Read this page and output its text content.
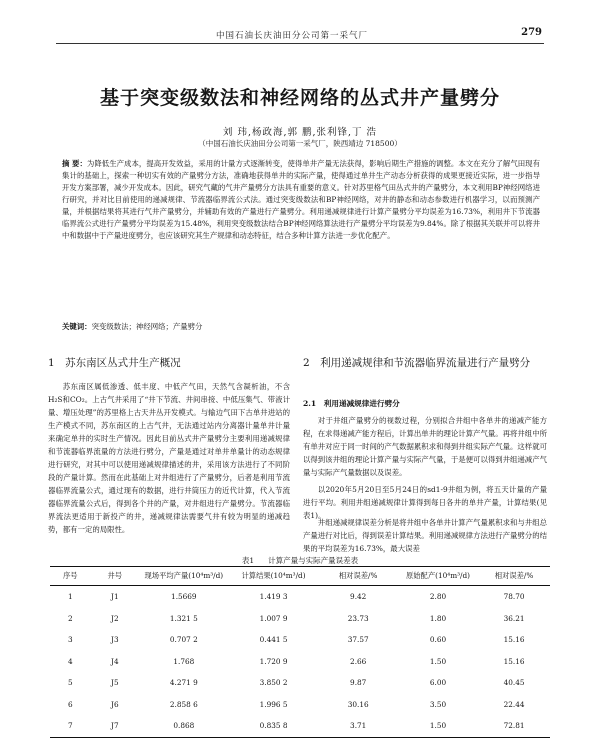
中国石油长庆油田分公司第一采气厂	279
基于突变级数法和神经网络的丛式井产量劈分
刘 玮,杨政海,郭 鹏,张利锋,丁 浩
（中国石油长庆油田分公司第一采气厂，陕西靖边 718500）
摘 要：为降低生产成本，提高开发效益，采用的计量方式逐渐转变，使得单井产量无法获得，影响后期生产措施的调整。本文在充分了解气田现有集计的基础上，探索一种切实有效的产量劈分方法，准确地获得单井的实际产量，使得通过单井生产动态分析获得的成果更接近实际，进一步指导开发方案部署，减少开发成本。因此，研究气藏的气井产量劈分方法具有重要的意义。针对苏里格气田丛式井的产量劈分，本文利用BP神经网络进行研究，并对比目前使用的递减规律、节流器临界流公式法。通过突变级数法和BP神经网络，对井的静态和动态参数进行机器学习，以而预测产量，并根据结果将其进行气井产量劈分，并辅助有效的产量进行产量劈分。利用递减规律进行计算产量劈分平均误差为16.73%，利用井下节流器临界流公式进行产量劈分平均误差为15.48%，利用突变级数法结合BP神经网络算法进行产量劈分平均误差为9.84%。除了根据其关联并可以将井中和数据中于产量进度劈分，也应该研究其生产规律和动态特征，结合多种计算方法进一步优化配产。
关键词：突变级数法；神经网络；产量劈分
1　苏东南区丛式井生产概况

苏东南区属低渗透、低丰度、中低产气田，天然气含凝析油，不含H₂S和CO₂。上古气井采用了“井下节流、井间串接、中低压集气、带液计量、增压处理”的苏里格上古天井丛开发模式。与输边气田下古单井进站的生产模式不同，苏东南区的上古气井，无法通过站内分离器计量单井计量来确定单井的实时生产情况。因此目前丛式井产量劈分主要利用递减规律和节流器临界流量的方法进行劈分，产量是通过对单井单量计的动态规律进行研究，对其中可以使用递减规律描述的井，采用该方法进行了不同阶段的产量计算。然而在此基础上对井组进行了产量劈分，后者是利用节流器临界流量公式，通过现有的数据，进行井筒压力的近代计算，代入节流器临界流量公式后，得到各个井的产量，对井组进行产量劈分。节流器临界流法更适用于新投产的井，递减规律法需要气井有较为明显的递减趋势，都有一定的局限性。

2　利用递减规律和节流器临界流量进行产量劈分
2.1　利用递减规律进行劈分

对于井组产量劈分的视数过程，分别拟合井组中各单井的递减产能方程，在求得递减产能方程后，计算出单井的理论计算产气量。再将井组中所有单井对应于同一时间的产气数据累积求和得到井组实际产气量。这样就可以得到该井组的理论计算产量与实际产气量，于是便可以得到井组递减产气量与实际产气量数据以及误差。

以2020年5月20日至5月24日的sd1-9井组为例，将五天计量的产量进行平均。利用井组递减规律计算得到每日各井的单井产量，计算结果(见表1)。

井组递减规律误差分析是将井组中各单井计算产气量累积求和与井组总产量进行对比后，得到误差计算结果。利用递减规律方法进行产量劈分的结果的平均误差为16.73%，最大误差

表1 计算产量与实际产量误差表
序号	井号	现场平均产量(10⁴m³/d)	计算结果(10⁴m³/d)	相对误差/%	原始配产(10⁴m³/d)	相对误差/%
1	J1	1.5669	1.419 3	9.42	2.80	78.70
2	J2	1.321 5	1.007 9	23.73	1.80	36.21
3	J3	0.707 2	0.441 5	37.57	0.60	15.16
4	J4	1.768	1.720 9	2.66	1.50	15.16
5	J5	4.271 9	3.850 2	9.87	6.00	40.45
6	J6	2.858 6	1.996 5	30.16	3.50	22.44
7	J7	0.868	0.835 8	3.71	1.50	72.81
